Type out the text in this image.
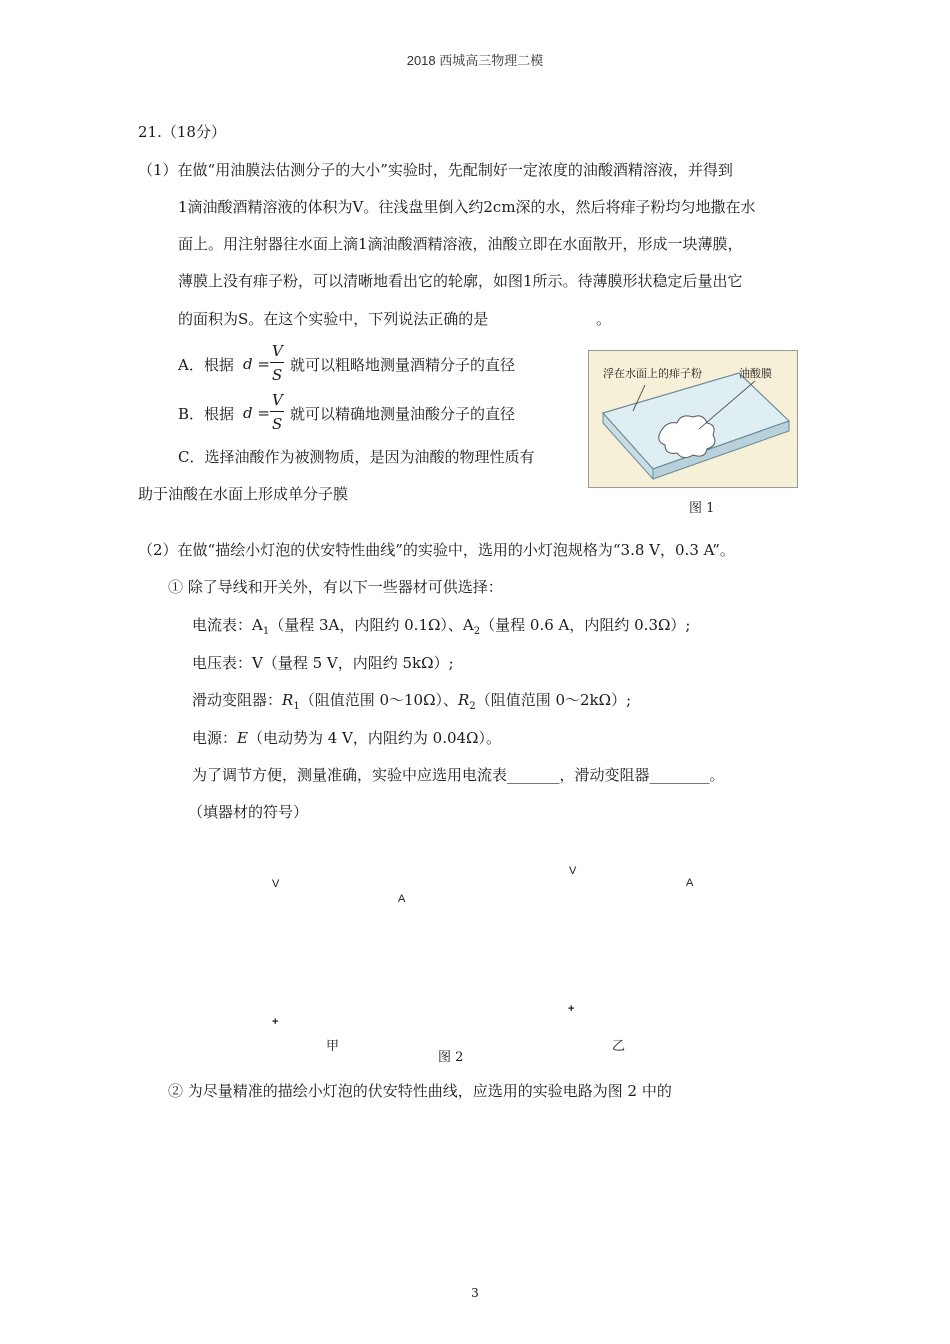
2018 西城高三物理二模
21.（18分）
（1）在做“用油膜法估测分子的大小”实验时，先配制好一定浓度的油酸酒精溶液，并得到
1滴油酸酒精溶液的体积为V。往浅盘里倒入约2cm深的水，然后将痱子粉均匀地撒在水
面上。用注射器往水面上滴1滴油酸酒精溶液，油酸立即在水面散开，形成一块薄膜，
薄膜上没有痱子粉，可以清晰地看出它的轮廓，如图1所示。待薄膜形状稳定后量出它
的面积为S。在这个实验中，下列说法正确的是	。
A．根据 d =
V
S
就可以粗略地测量酒精分子的直径
B．根据 d =
V
S
就可以精确地测量油酸分子的直径
C．选择油酸作为被测物质，是因为油酸的物理性质有
助于油酸在水面上形成单分子膜
浮在水面上的痱子粉	油酸膜
图 1
（2）在做“描绘小灯泡的伏安特性曲线”的实验中，选用的小灯泡规格为“3.8 V，0.3 A”。
① 除了导线和开关外，有以下一些器材可供选择：
电流表：$A_1$（量程 3A，内阻约 0.1Ω）、$A_2$（量程 0.6 A，内阻约 0.3Ω）;
电压表：V（量程 5 V，内阻约 5kΩ）;
滑动变阻器：$R_1$（阻值范围 0～10Ω）、$R_2$（阻值范围 0～2kΩ）;
电源：E（电动势为 4 V，内阻约为 0.04Ω）。
为了调节方便，测量准确，实验中应选用电流表_______，滑动变阻器________。
（填器材的符号）
V
A
+
甲
V
A
+
乙
图 2
② 为尽量精准的描绘小灯泡的伏安特性曲线，应选用的实验电路为图 2 中的
3
